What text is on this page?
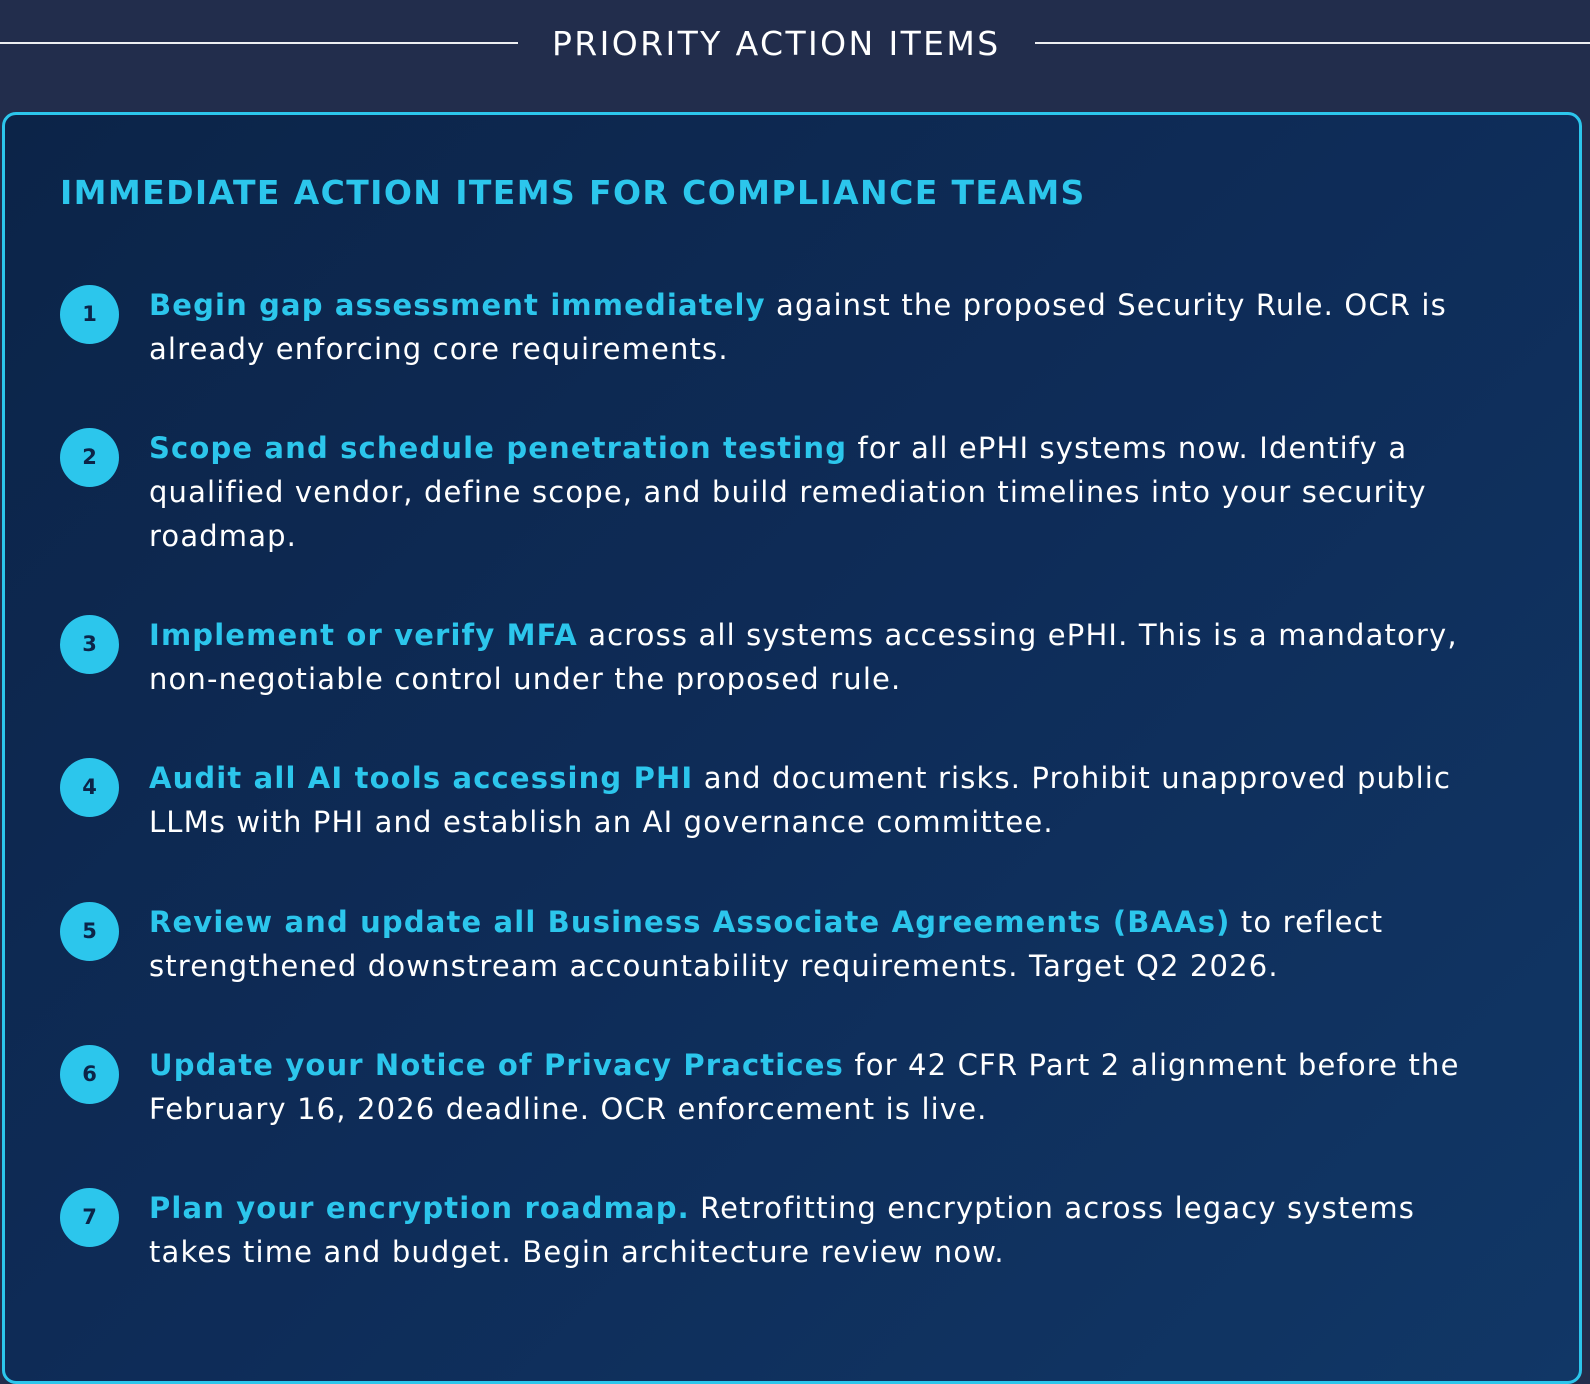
PRIORITY ACTION ITEMS
IMMEDIATE ACTION ITEMS FOR COMPLIANCE TEAMS
1	Begin gap assessment immediately against the proposed Security Rule. OCR is already enforcing core requirements.
2	Scope and schedule penetration testing for all ePHI systems now. Identify a qualified vendor, define scope, and build remediation timelines into your security roadmap.
3	Implement or verify MFA across all systems accessing ePHI. This is a mandatory, non-negotiable control under the proposed rule.
4	Audit all AI tools accessing PHI and document risks. Prohibit unapproved public LLMs with PHI and establish an AI governance committee.
5	Review and update all Business Associate Agreements (BAAs) to reflect strengthened downstream accountability requirements. Target Q2 2026.
6	Update your Notice of Privacy Practices for 42 CFR Part 2 alignment before the February 16, 2026 deadline. OCR enforcement is live.
7	Plan your encryption roadmap. Retrofitting encryption across legacy systems takes time and budget. Begin architecture review now.
